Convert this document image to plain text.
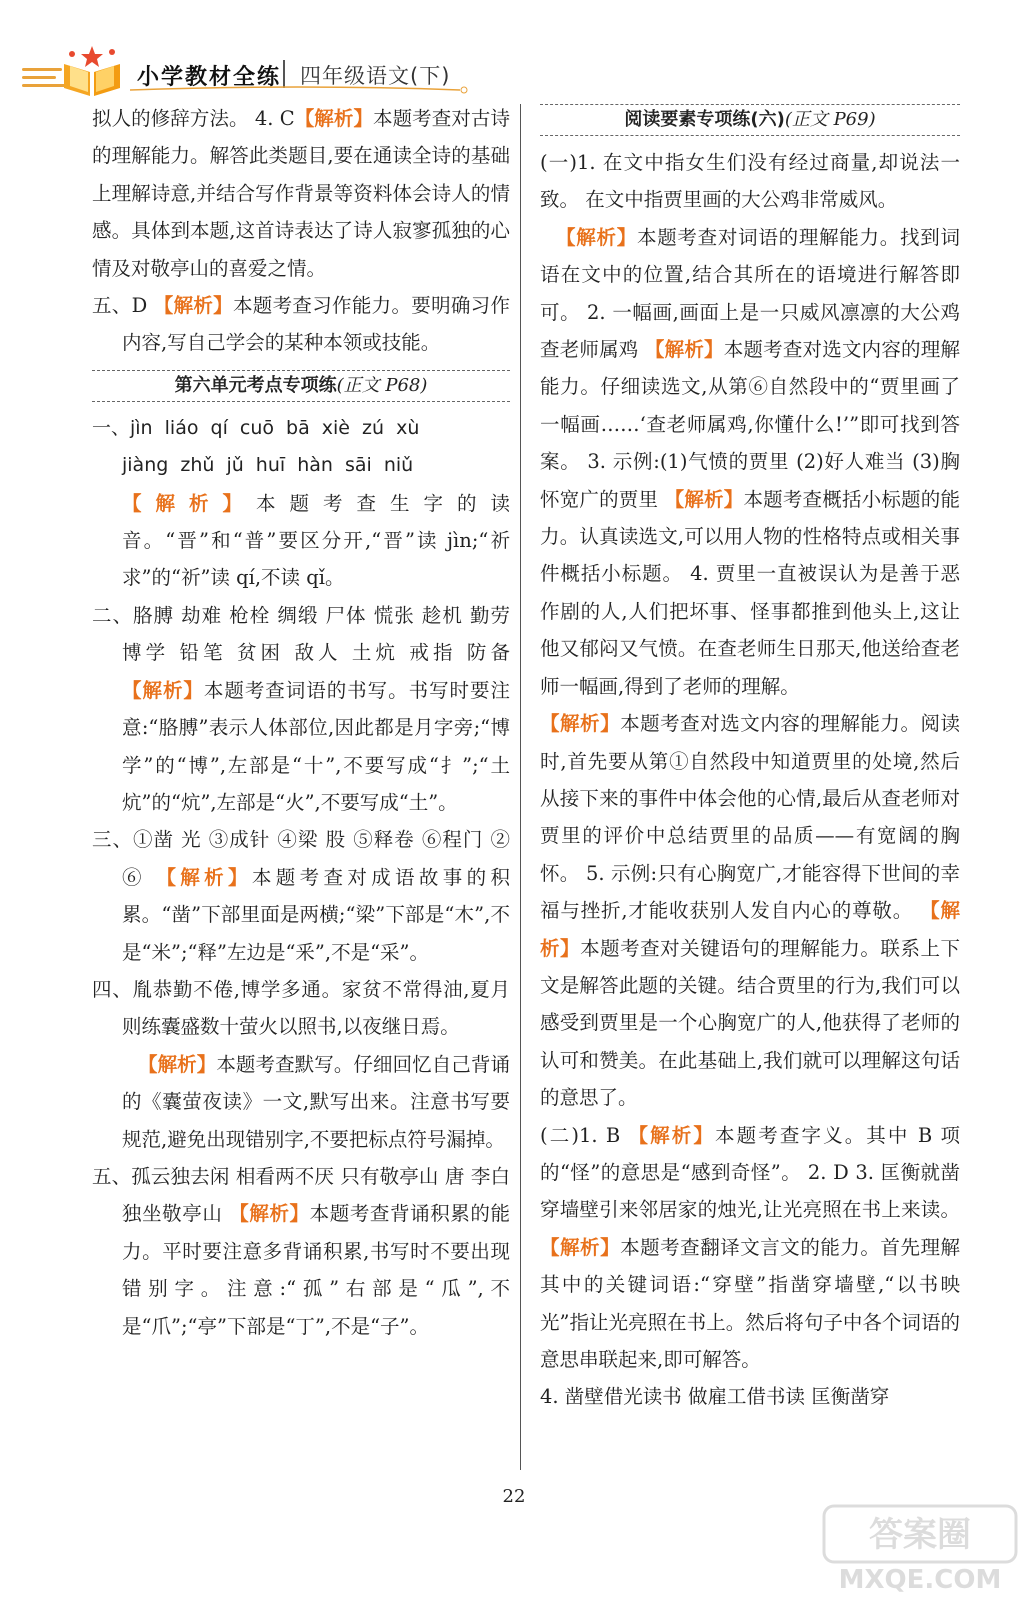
小学教材全练 四年级语文(下)

拟人的修辞方法。 4. C【解析】本题考查对古诗的理解能力。解答此类题目,要在通读全诗的基础上理解诗意,并结合写作背景等资料体会诗人的情感。具体到本题,这首诗表达了诗人寂寥孤独的心情及对敬亭山的喜爱之情。

五、D 【解析】本题考查习作能力。要明确习作内容,写自己学会的某种本领或技能。

第六单元考点专项练(正文 P68)

一、jìn liáo qí cuō bā xiè zú xù

jiàng zhǔ jǔ huī hàn sāi niǔ

【解析】本题考查生字的读音。“晋”和“普”要区分开,“晋”读 jìn;“祈求”的“祈”读 qí,不读 qǐ。

二、胳膊 劫难 枪栓 绸缎 尸体 慌张 趁机 勤劳 博学 铅笔 贫困 敌人 土炕 戒指 防备 【解析】本题考查词语的书写。书写时要注意:“胳膊”表示人体部位,因此都是月字旁;“博学”的“博”,左部是“十”,不要写成“扌”;“土炕”的“炕”,左部是“火”,不要写成“土”。

三、①凿 光 ③成针 ④梁 股 ⑤释卷 ⑥程门 ② ⑥ 【解析】本题考查对成语故事的积累。“凿”下部里面是两横;“梁”下部是“木”,不是“米”;“释”左边是“釆”,不是“采”。

四、胤恭勤不倦,博学多通。家贫不常得油,夏月则练囊盛数十萤火以照书,以夜继日焉。

【解析】本题考查默写。仔细回忆自己背诵的《囊萤夜读》一文,默写出来。注意书写要规范,避免出现错别字,不要把标点符号漏掉。

五、孤云独去闲 相看两不厌 只有敬亭山 唐 李白 独坐敬亭山 【解析】本题考查背诵积累的能力。平时要注意多背诵积累,书写时不要出现错别字。注意:“孤”右部是“瓜”,不是“爪”;“亭”下部是“丁”,不是“子”。

阅读要素专项练(六)(正文 P69)

(一)1. 在文中指女生们没有经过商量,却说法一致。 在文中指贾里画的大公鸡非常威风。

【解析】本题考查对词语的理解能力。找到词语在文中的位置,结合其所在的语境进行解答即可。 2. 一幅画,画面上是一只威风凛凛的大公鸡 查老师属鸡 【解析】本题考查对选文内容的理解能力。仔细读选文,从第⑥自然段中的“贾里画了一幅画……‘查老师属鸡,你懂什么!’”即可找到答案。 3. 示例:(1)气愤的贾里 (2)好人难当 (3)胸怀宽广的贾里 【解析】本题考查概括小标题的能力。认真读选文,可以用人物的性格特点或相关事件概括小标题。 4. 贾里一直被误认为是善于恶作剧的人,人们把坏事、怪事都推到他头上,这让他又郁闷又气愤。在查老师生日那天,他送给查老师一幅画,得到了老师的理解。

【解析】本题考查对选文内容的理解能力。阅读时,首先要从第①自然段中知道贾里的处境,然后从接下来的事件中体会他的心情,最后从查老师对贾里的评价中总结贾里的品质——有宽阔的胸怀。 5. 示例:只有心胸宽广,才能容得下世间的幸福与挫折,才能收获别人发自内心的尊敬。 【解析】本题考查对关键语句的理解能力。联系上下文是解答此题的关键。结合贾里的行为,我们可以感受到贾里是一个心胸宽广的人,他获得了老师的认可和赞美。在此基础上,我们就可以理解这句话的意思了。

(二)1. B 【解析】本题考查字义。其中 B 项的“怪”的意思是“感到奇怪”。 2. D 3. 匡衡就凿穿墙壁引来邻居家的烛光,让光亮照在书上来读。 【解析】本题考查翻译文言文的能力。首先理解其中的关键词语:“穿壁”指凿穿墙壁,“以书映光”指让光亮照在书上。然后将句子中各个词语的意思串联起来,即可解答。

4. 凿壁借光读书 做雇工借书读 匡衡凿穿

22
答案圈
MXQE.COM
